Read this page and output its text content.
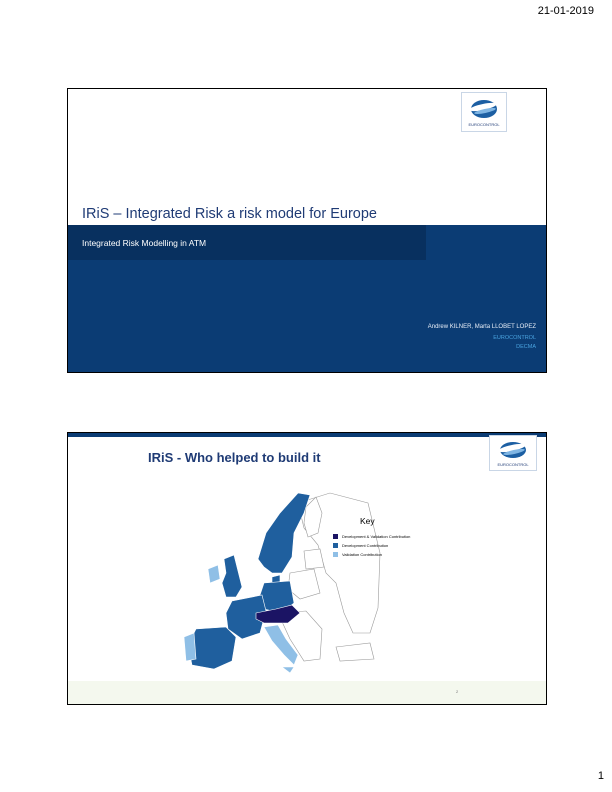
21-01-2019
EUROCONTROL
IRiS – Integrated Risk a risk model for Europe
Integrated Risk Modelling in ATM
Andrew KILNER, Marta LLOBET LOPEZ
EUROCONTROL
DECMA
EUROCONTROL
IRiS - Who helped to build it
Key
Development & Validation Contribution
Development Contribution
Validation Contribution
2
1
